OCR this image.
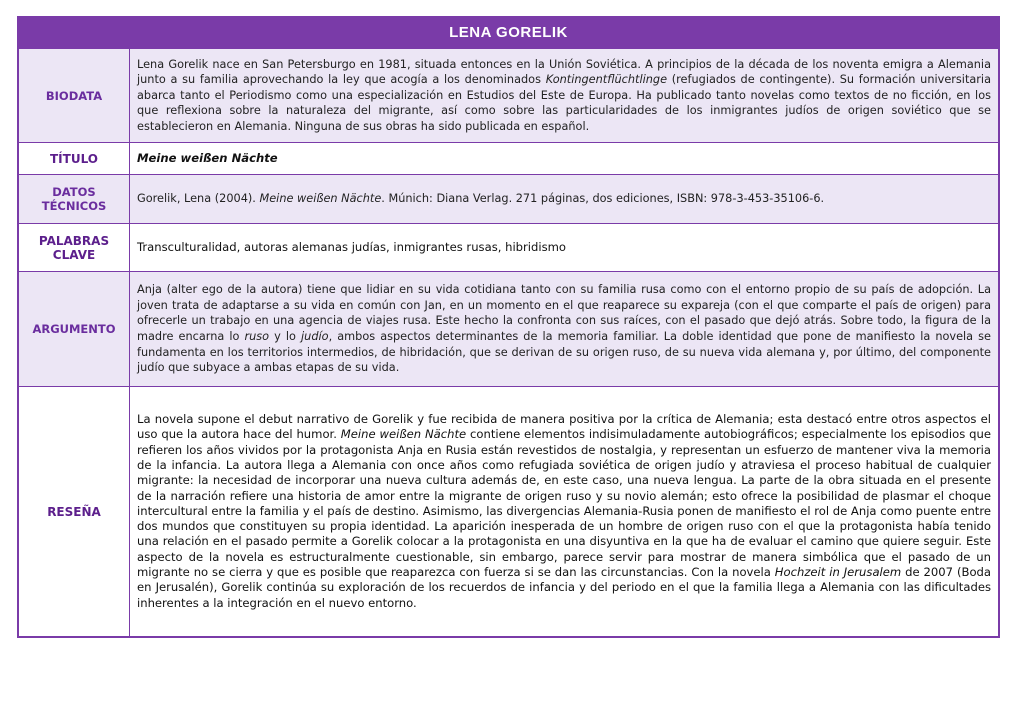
LENA GORELIK
BIODATA

Lena Gorelik nace en San Petersburgo en 1981, situada entonces en la Unión Soviética. A principios de la década de los noventa emigra a Alemania junto a su familia aprovechando la ley que acogía a los denominados Kontingentflüchtlinge (refugiados de contingente). Su formación universitaria abarca tanto el Periodismo como una especialización en Estudios del Este de Europa. Ha publicado tanto novelas como textos de no ficción, en los que reflexiona sobre la naturaleza del migrante, así como sobre las particularidades de los inmigrantes judíos de origen soviético que se establecieron en Alemania. Ninguna de sus obras ha sido publicada en español.

TÍTULO	Meine weißen Nächte

DATOS
TÉCNICOS

Gorelik, Lena (2004). Meine weißen Nächte. Múnich: Diana Verlag. 271 páginas, dos ediciones, ISBN: 978-3-453-35106-6.

PALABRAS
CLAVE

Transculturalidad, autoras alemanas judías, inmigrantes rusas, hibridismo

ARGUMENTO

Anja (alter ego de la autora) tiene que lidiar en su vida cotidiana tanto con su familia rusa como con el entorno propio de su país de adopción. La joven trata de adaptarse a su vida en común con Jan, en un momento en el que reaparece su expareja (con el que comparte el país de origen) para ofrecerle un trabajo en una agencia de viajes rusa. Este hecho la confronta con sus raíces, con el pasado que dejó atrás. Sobre todo, la figura de la madre encarna lo ruso y lo judío, ambos aspectos determinantes de la memoria familiar. La doble identidad que pone de manifiesto la novela se fundamenta en los territorios intermedios, de hibridación, que se derivan de su origen ruso, de su nueva vida alemana y, por último, del componente judío que subyace a ambas etapas de su vida.

RESEÑA

La novela supone el debut narrativo de Gorelik y fue recibida de manera positiva por la crítica de Alemania; esta destacó entre otros aspectos el uso que la autora hace del humor. Meine weißen Nächte contiene elementos indisimuladamente autobiográficos; especialmente los episodios que refieren los años vividos por la protagonista Anja en Rusia están revestidos de nostalgia, y representan un esfuerzo de mantener viva la memoria de la infancia. La autora llega a Alemania con once años como refugiada soviética de origen judío y atraviesa el proceso habitual de cualquier migrante: la necesidad de incorporar una nueva cultura además de, en este caso, una nueva lengua. La parte de la obra situada en el presente de la narración refiere una historia de amor entre la migrante de origen ruso y su novio alemán; esto ofrece la posibilidad de plasmar el choque intercultural entre la familia y el país de destino. Asimismo, las divergencias Alemania-Rusia ponen de manifiesto el rol de Anja como puente entre dos mundos que constituyen su propia identidad. La aparición inesperada de un hombre de origen ruso con el que la protagonista había tenido una relación en el pasado permite a Gorelik colocar a la protagonista en una disyuntiva en la que ha de evaluar el camino que quiere seguir. Este aspecto de la novela es estructuralmente cuestionable, sin embargo, parece servir para mostrar de manera simbólica que el pasado de un migrante no se cierra y que es posible que reaparezca con fuerza si se dan las circunstancias. Con la novela Hochzeit in Jerusalem de 2007 (Boda en Jerusalén), Gorelik continúa su exploración de los recuerdos de infancia y del periodo en el que la familia llega a Alemania con las dificultades inherentes a la integración en el nuevo entorno.
